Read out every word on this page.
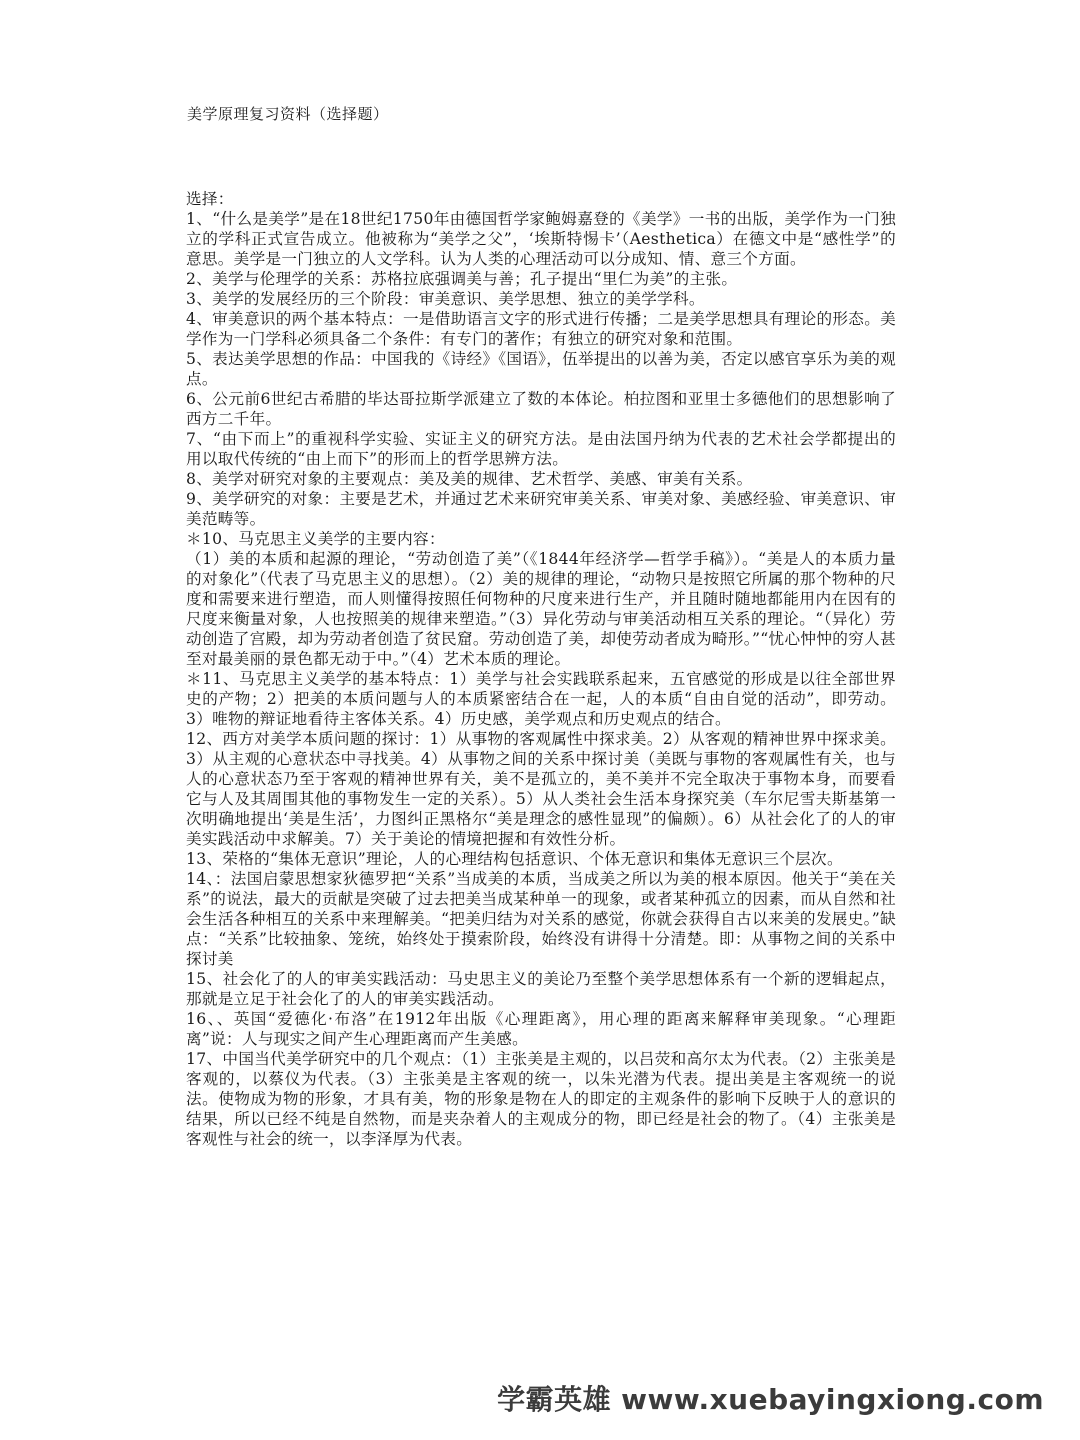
美学原理复习资料（选择题）

选择：

1、“什么是美学”是在18世纪1750年由德国哲学家鲍姆嘉登的《美学》一书的出版，美学作为一门独立的学科正式宣告成立。他被称为“美学之父”，‘埃斯特惕卡’（Aesthetica）在德文中是“感性学”的意思。美学是一门独立的人文学科。认为人类的心理活动可以分成知、情、意三个方面。

2、美学与伦理学的关系：苏格拉底强调美与善；孔子提出“里仁为美”的主张。

3、美学的发展经历的三个阶段：审美意识、美学思想、独立的美学学科。

4、审美意识的两个基本特点：一是借助语言文字的形式进行传播；二是美学思想具有理论的形态。美学作为一门学科必须具备二个条件：有专门的著作；有独立的研究对象和范围。

5、表达美学思想的作品：中国我的《诗经》《国语》，伍举提出的以善为美，否定以感官享乐为美的观点。

6、公元前6世纪古希腊的毕达哥拉斯学派建立了数的本体论。柏拉图和亚里士多德他们的思想影响了西方二千年。

7、“由下而上”的重视科学实验、实证主义的研究方法。是由法国丹纳为代表的艺术社会学都提出的用以取代传统的“由上而下”的形而上的哲学思辨方法。

8、美学对研究对象的主要观点：美及美的规律、艺术哲学、美感、审美有关系。

9、美学研究的对象：主要是艺术，并通过艺术来研究审美关系、审美对象、美感经验、审美意识、审美范畴等。

＊10、马克思主义美学的主要内容：

（1）美的本质和起源的理论，“劳动创造了美”（《1844年经济学—哲学手稿》）。“美是人的本质力量的对象化”（代表了马克思主义的思想）。（2）美的规律的理论，“动物只是按照它所属的那个物种的尺度和需要来进行塑造，而人则懂得按照任何物种的尺度来进行生产，并且随时随地都能用内在因有的尺度来衡量对象，人也按照美的规律来塑造。”（3）异化劳动与审美活动相互关系的理论。“（异化）劳动创造了宫殿，却为劳动者创造了贫民窟。劳动创造了美，却使劳动者成为畸形。”“忧心忡忡的穷人甚至对最美丽的景色都无动于中。”（4）艺术本质的理论。

＊11、马克思主义美学的基本特点：1）美学与社会实践联系起来，五官感觉的形成是以往全部世界史的产物；2）把美的本质问题与人的本质紧密结合在一起，人的本质“自由自觉的活动”，即劳动。3）唯物的辩证地看待主客体关系。4）历史感，美学观点和历史观点的结合。

12、西方对美学本质问题的探讨：1）从事物的客观属性中探求美。2）从客观的精神世界中探求美。3）从主观的心意状态中寻找美。4）从事物之间的关系中探讨美（美既与事物的客观属性有关，也与人的心意状态乃至于客观的精神世界有关，美不是孤立的，美不美并不完全取决于事物本身，而要看它与人及其周围其他的事物发生一定的关系）。5）从人类社会生活本身探究美（车尔尼雪夫斯基第一次明确地提出‘美是生活’，力图纠正黑格尔“美是理念的感性显现”的偏颇）。6）从社会化了的人的审美实践活动中求解美。7）关于美论的情境把握和有效性分析。

13、荣格的“集体无意识”理论，人的心理结构包括意识、个体无意识和集体无意识三个层次。

14、：法国启蒙思想家狄德罗把“关系”当成美的本质，当成美之所以为美的根本原因。他关于“美在关系”的说法，最大的贡献是突破了过去把美当成某种单一的现象，或者某种孤立的因素，而从自然和社会生活各种相互的关系中来理解美。“把美归结为对关系的感觉，你就会获得自古以来美的发展史。”缺点：“关系”比较抽象、笼统，始终处于摸索阶段，始终没有讲得十分清楚。即：从事物之间的关系中探讨美

15、社会化了的人的审美实践活动：马史思主义的美论乃至整个美学思想体系有一个新的逻辑起点，那就是立足于社会化了的人的审美实践活动。

16、、英国“爱德化·布洛”在1912年出版《心理距离》，用心理的距离来解释审美现象。“心理距离”说：人与现实之间产生心理距离而产生美感。

17、中国当代美学研究中的几个观点：（1）主张美是主观的，以吕荧和高尔太为代表。（2）主张美是客观的，以蔡仪为代表。（3）主张美是主客观的统一，以朱光潜为代表。提出美是主客观统一的说法。使物成为物的形象，才具有美，物的形象是物在人的即定的主观条件的影响下反映于人的意识的结果，所以已经不纯是自然物，而是夹杂着人的主观成分的物，即已经是社会的物了。（4）主张美是客观性与社会的统一，以李泽厚为代表。

学霸英雄 www.xuebayingxiong.com
